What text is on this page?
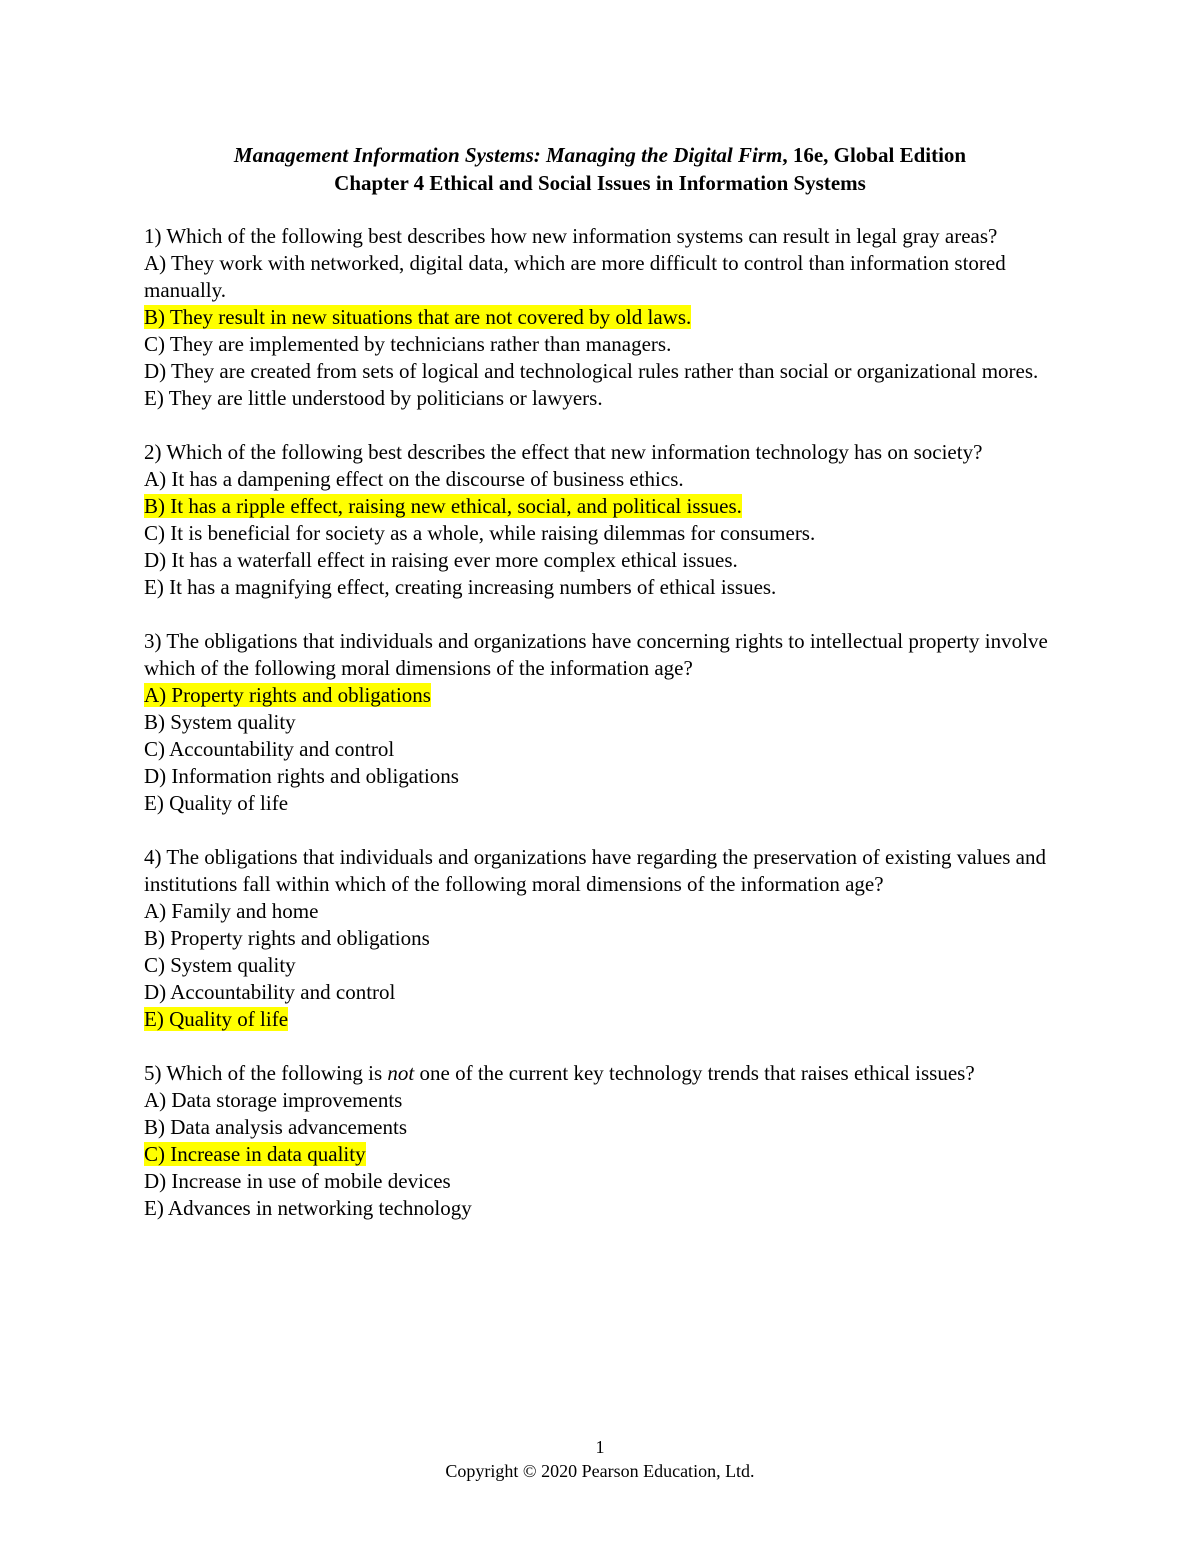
Management Information Systems: Managing the Digital Firm, 16e, Global Edition
Chapter 4 Ethical and Social Issues in Information Systems
1) Which of the following best describes how new information systems can result in legal gray areas?
A) They work with networked, digital data, which are more difficult to control than information stored manually.
B) They result in new situations that are not covered by old laws.
C) They are implemented by technicians rather than managers.
D) They are created from sets of logical and technological rules rather than social or organizational mores.
E) They are little understood by politicians or lawyers.
2) Which of the following best describes the effect that new information technology has on society?
A) It has a dampening effect on the discourse of business ethics.
B) It has a ripple effect, raising new ethical, social, and political issues.
C) It is beneficial for society as a whole, while raising dilemmas for consumers.
D) It has a waterfall effect in raising ever more complex ethical issues.
E) It has a magnifying effect, creating increasing numbers of ethical issues.
3) The obligations that individuals and organizations have concerning rights to intellectual property involve which of the following moral dimensions of the information age?
A) Property rights and obligations
B) System quality
C) Accountability and control
D) Information rights and obligations
E) Quality of life
4) The obligations that individuals and organizations have regarding the preservation of existing values and institutions fall within which of the following moral dimensions of the information age?
A) Family and home
B) Property rights and obligations
C) System quality
D) Accountability and control
E) Quality of life
5) Which of the following is not one of the current key technology trends that raises ethical issues?
A) Data storage improvements
B) Data analysis advancements
C) Increase in data quality
D) Increase in use of mobile devices
E) Advances in networking technology
1
Copyright © 2020 Pearson Education, Ltd.
